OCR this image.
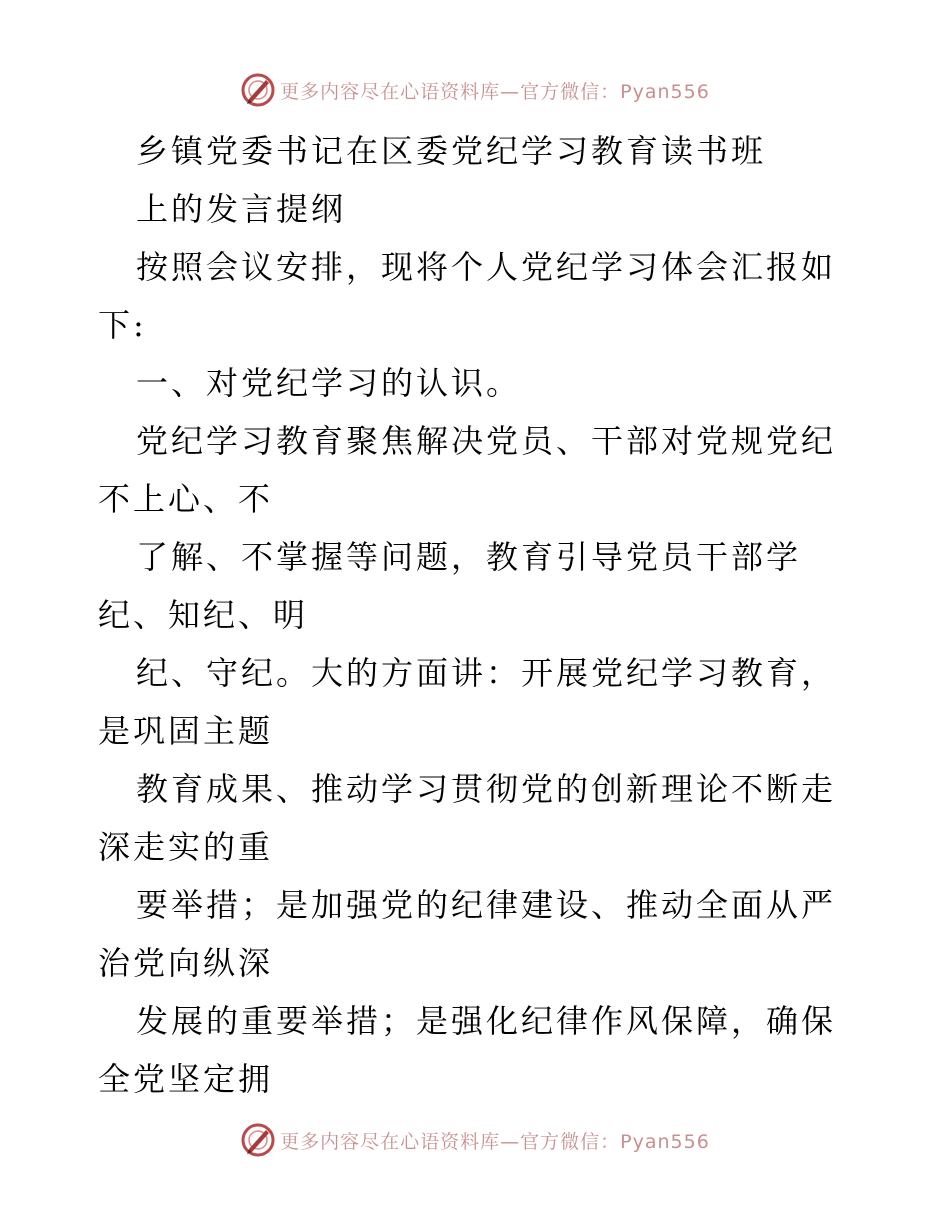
更多内容尽在心语资料库—官方微信：Pyan556

乡镇党委书记在区委党纪学习教育读书班

上的发言提纲

按照会议安排，现将个人党纪学习体会汇报如下:

一、对党纪学习的认识。

党纪学习教育聚焦解决党员、干部对党规党纪不上心、不

了解、不掌握等问题，教育引导党员干部学纪、知纪、明

纪、守纪。大的方面讲：开展党纪学习教育，是巩固主题

教育成果、推动学习贯彻党的创新理论不断走深走实的重

要举措；是加强党的纪律建设、推动全面从严治党向纵深

发展的重要举措；是强化纪律作风保障，确保全党坚定拥

更多内容尽在心语资料库—官方微信：Pyan556
